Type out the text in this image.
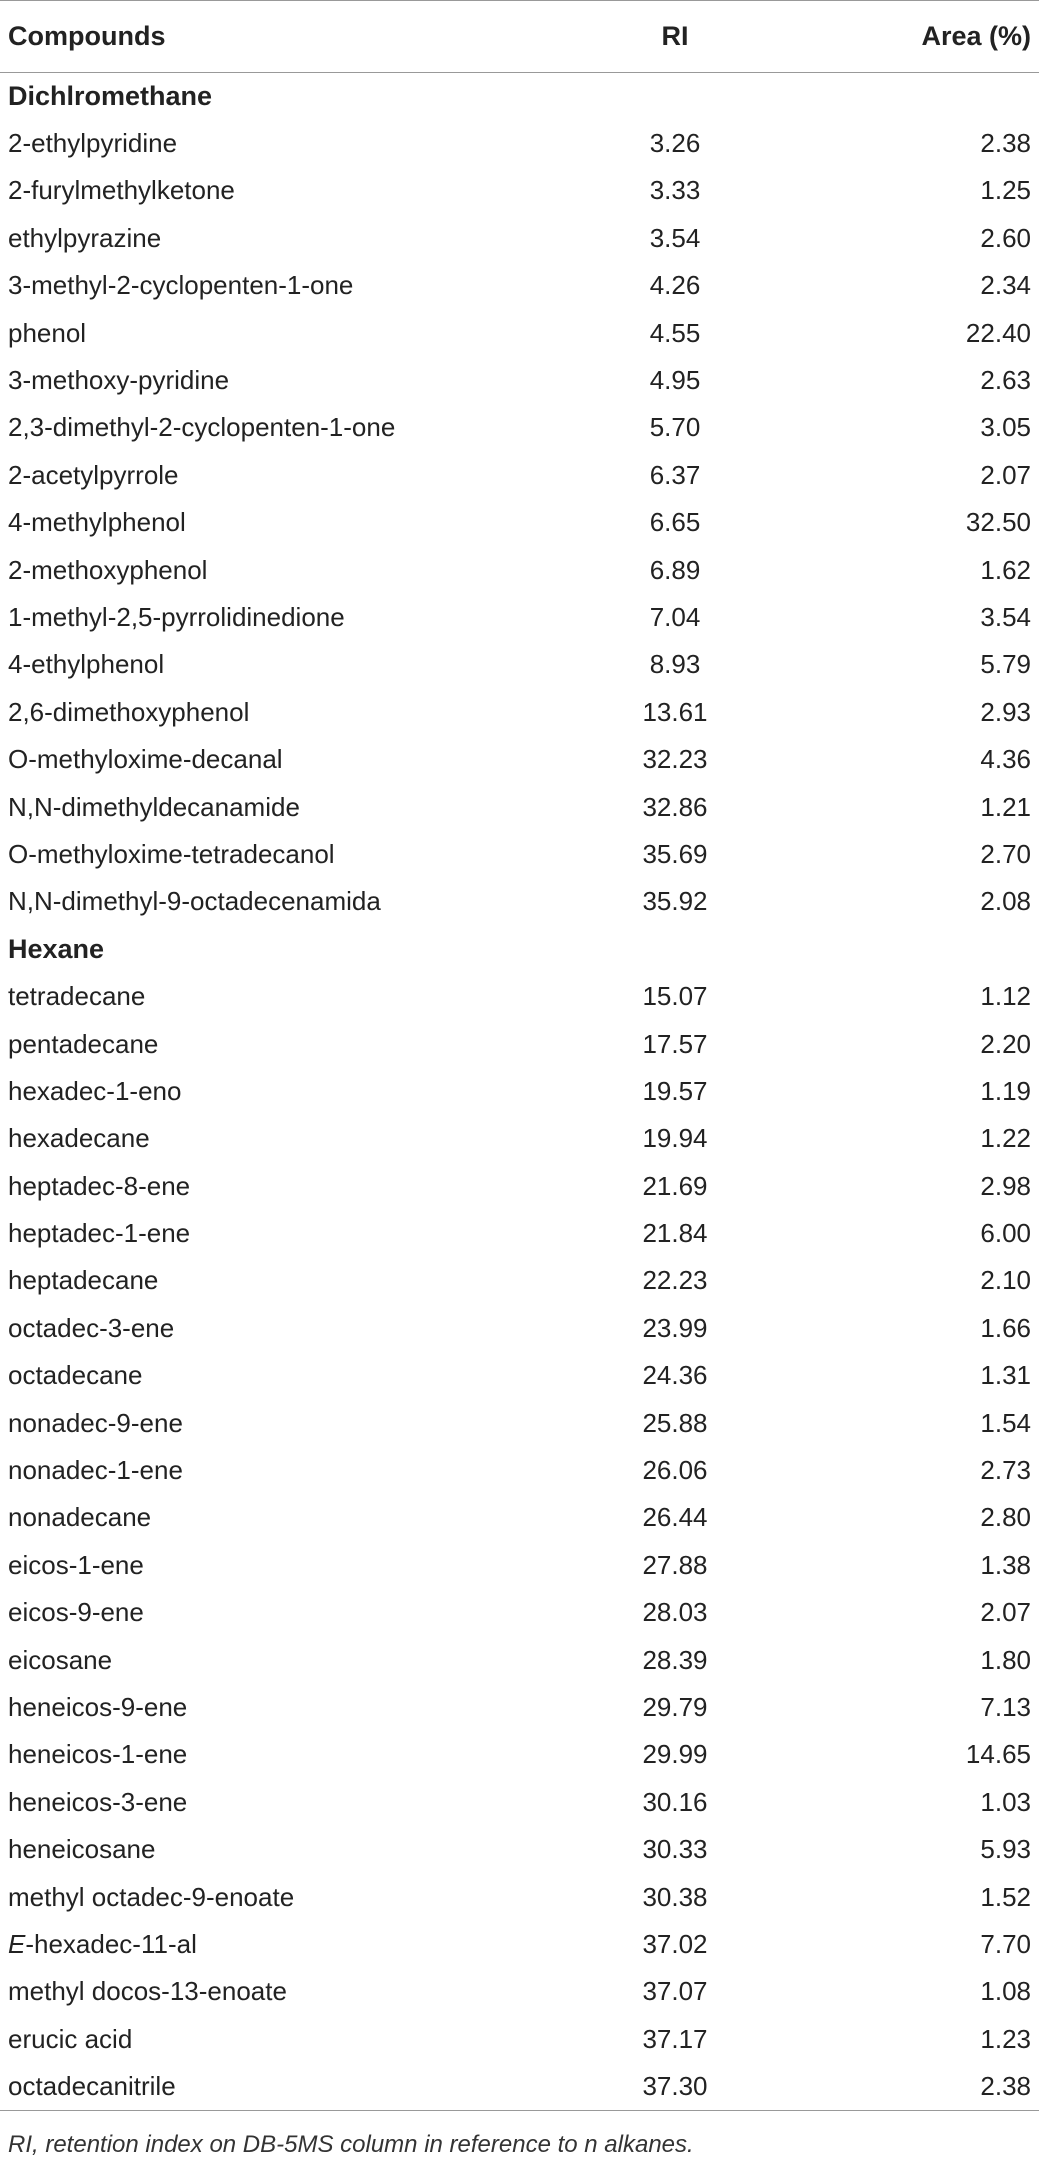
Compounds	RI	Area (%)
Dichlromethane		
2-ethylpyridine	3.26	2.38
2-furylmethylketone	3.33	1.25
ethylpyrazine	3.54	2.60
3-methyl-2-cyclopenten-1-one	4.26	2.34
phenol	4.55	22.40
3-methoxy-pyridine	4.95	2.63
2,3-dimethyl-2-cyclopenten-1-one	5.70	3.05
2-acetylpyrrole	6.37	2.07
4-methylphenol	6.65	32.50
2-methoxyphenol	6.89	1.62
1-methyl-2,5-pyrrolidinedione	7.04	3.54
4-ethylphenol	8.93	5.79
2,6-dimethoxyphenol	13.61	2.93
O-methyloxime-decanal	32.23	4.36
N,N-dimethyldecanamide	32.86	1.21
O-methyloxime-tetradecanol	35.69	2.70
N,N-dimethyl-9-octadecenamida	35.92	2.08
Hexane		
tetradecane	15.07	1.12
pentadecane	17.57	2.20
hexadec-1-eno	19.57	1.19
hexadecane	19.94	1.22
heptadec-8-ene	21.69	2.98
heptadec-1-ene	21.84	6.00
heptadecane	22.23	2.10
octadec-3-ene	23.99	1.66
octadecane	24.36	1.31
nonadec-9-ene	25.88	1.54
nonadec-1-ene	26.06	2.73
nonadecane	26.44	2.80
eicos-1-ene	27.88	1.38
eicos-9-ene	28.03	2.07
eicosane	28.39	1.80
heneicos-9-ene	29.79	7.13
heneicos-1-ene	29.99	14.65
heneicos-3-ene	30.16	1.03
heneicosane	30.33	5.93
methyl octadec-9-enoate	30.38	1.52
E-hexadec-11-al	37.02	7.70
methyl docos-13-enoate	37.07	1.08
erucic acid	37.17	1.23
octadecanitrile	37.30	2.38
RI, retention index on DB-5MS column in reference to n alkanes.
